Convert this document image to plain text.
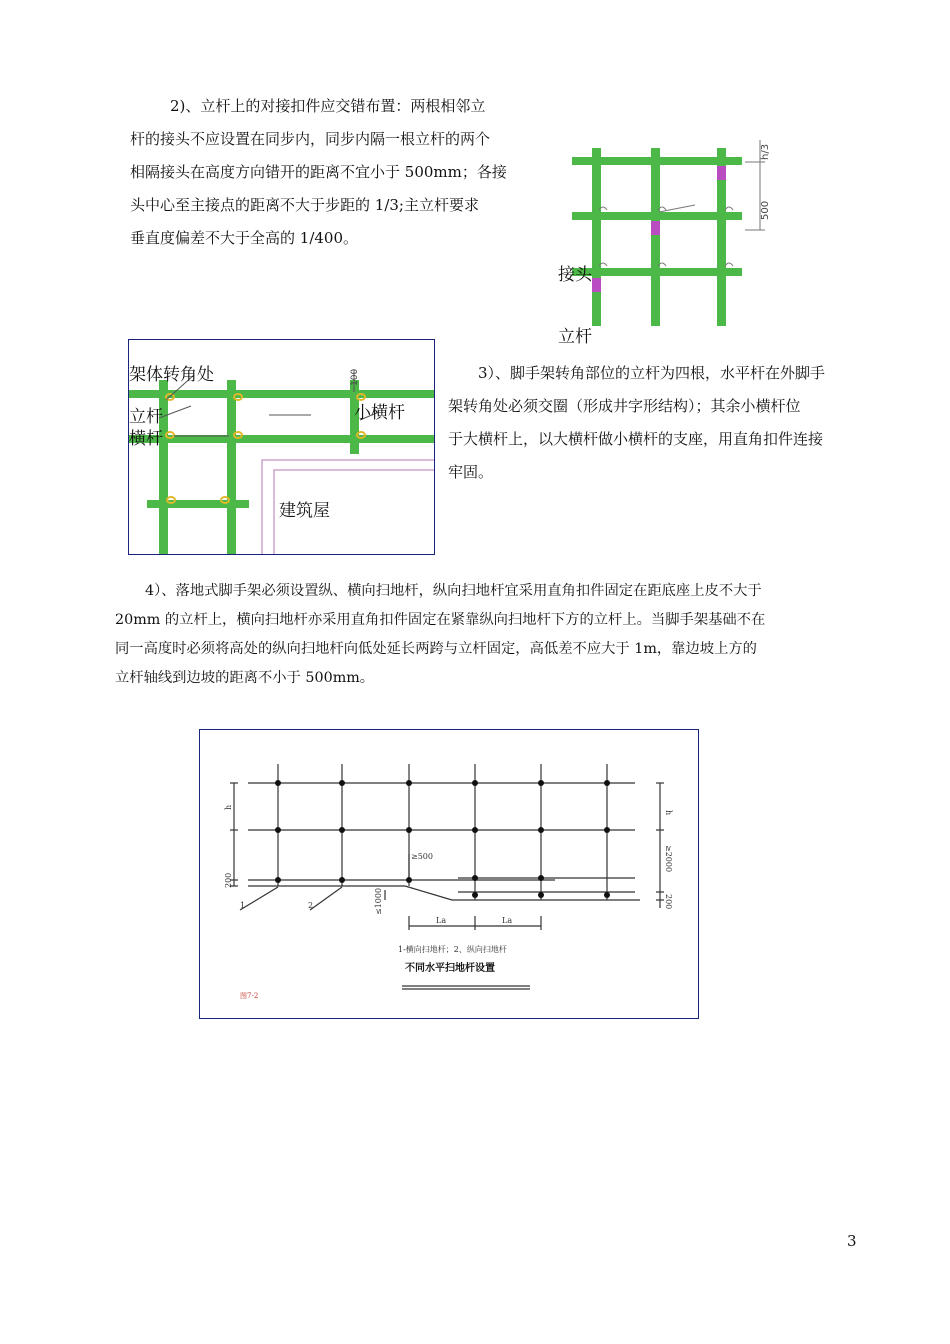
2)、立杆上的对接扣件应交错布置：两根相邻立
杆的接头不应设置在同步内，同步内隔一根立杆的两个
相隔接头在高度方向错开的距离不宜小于 500mm；各接
头中心至主接点的距离不大于步距的 1/3;主立杆要求
垂直度偏差不大于全高的 1/400。
h/3
500
接头
立杆
100
架体转角处
立杆
横杆
小横杆
建筑屋
3）、脚手架转角部位的立杆为四根，水平杆在外脚手
架转角处必须交圈（形成井字形结构）；其余小横杆位
于大横杆上，以大横杆做小横杆的支座，用直角扣件连接
牢固。
4）、落地式脚手架必须设置纵、横向扫地杆，纵向扫地杆宜采用直角扣件固定在距底座上皮不大于
20mm 的立杆上，横向扫地杆亦采用直角扣件固定在紧靠纵向扫地杆下方的立杆上。当脚手架基础不在
同一高度时必须将高处的纵向扫地杆向低处延长两跨与立杆固定，高低差不应大于 1m，靠边坡上方的
立杆轴线到边坡的距离不小于 500mm。
h
200
h
≥2000
200
≥500
≤1000
La	La
1	2
1-横向扫地杆；2、纵向扫地杆
不同水平扫地杆设置
图7-2
3
